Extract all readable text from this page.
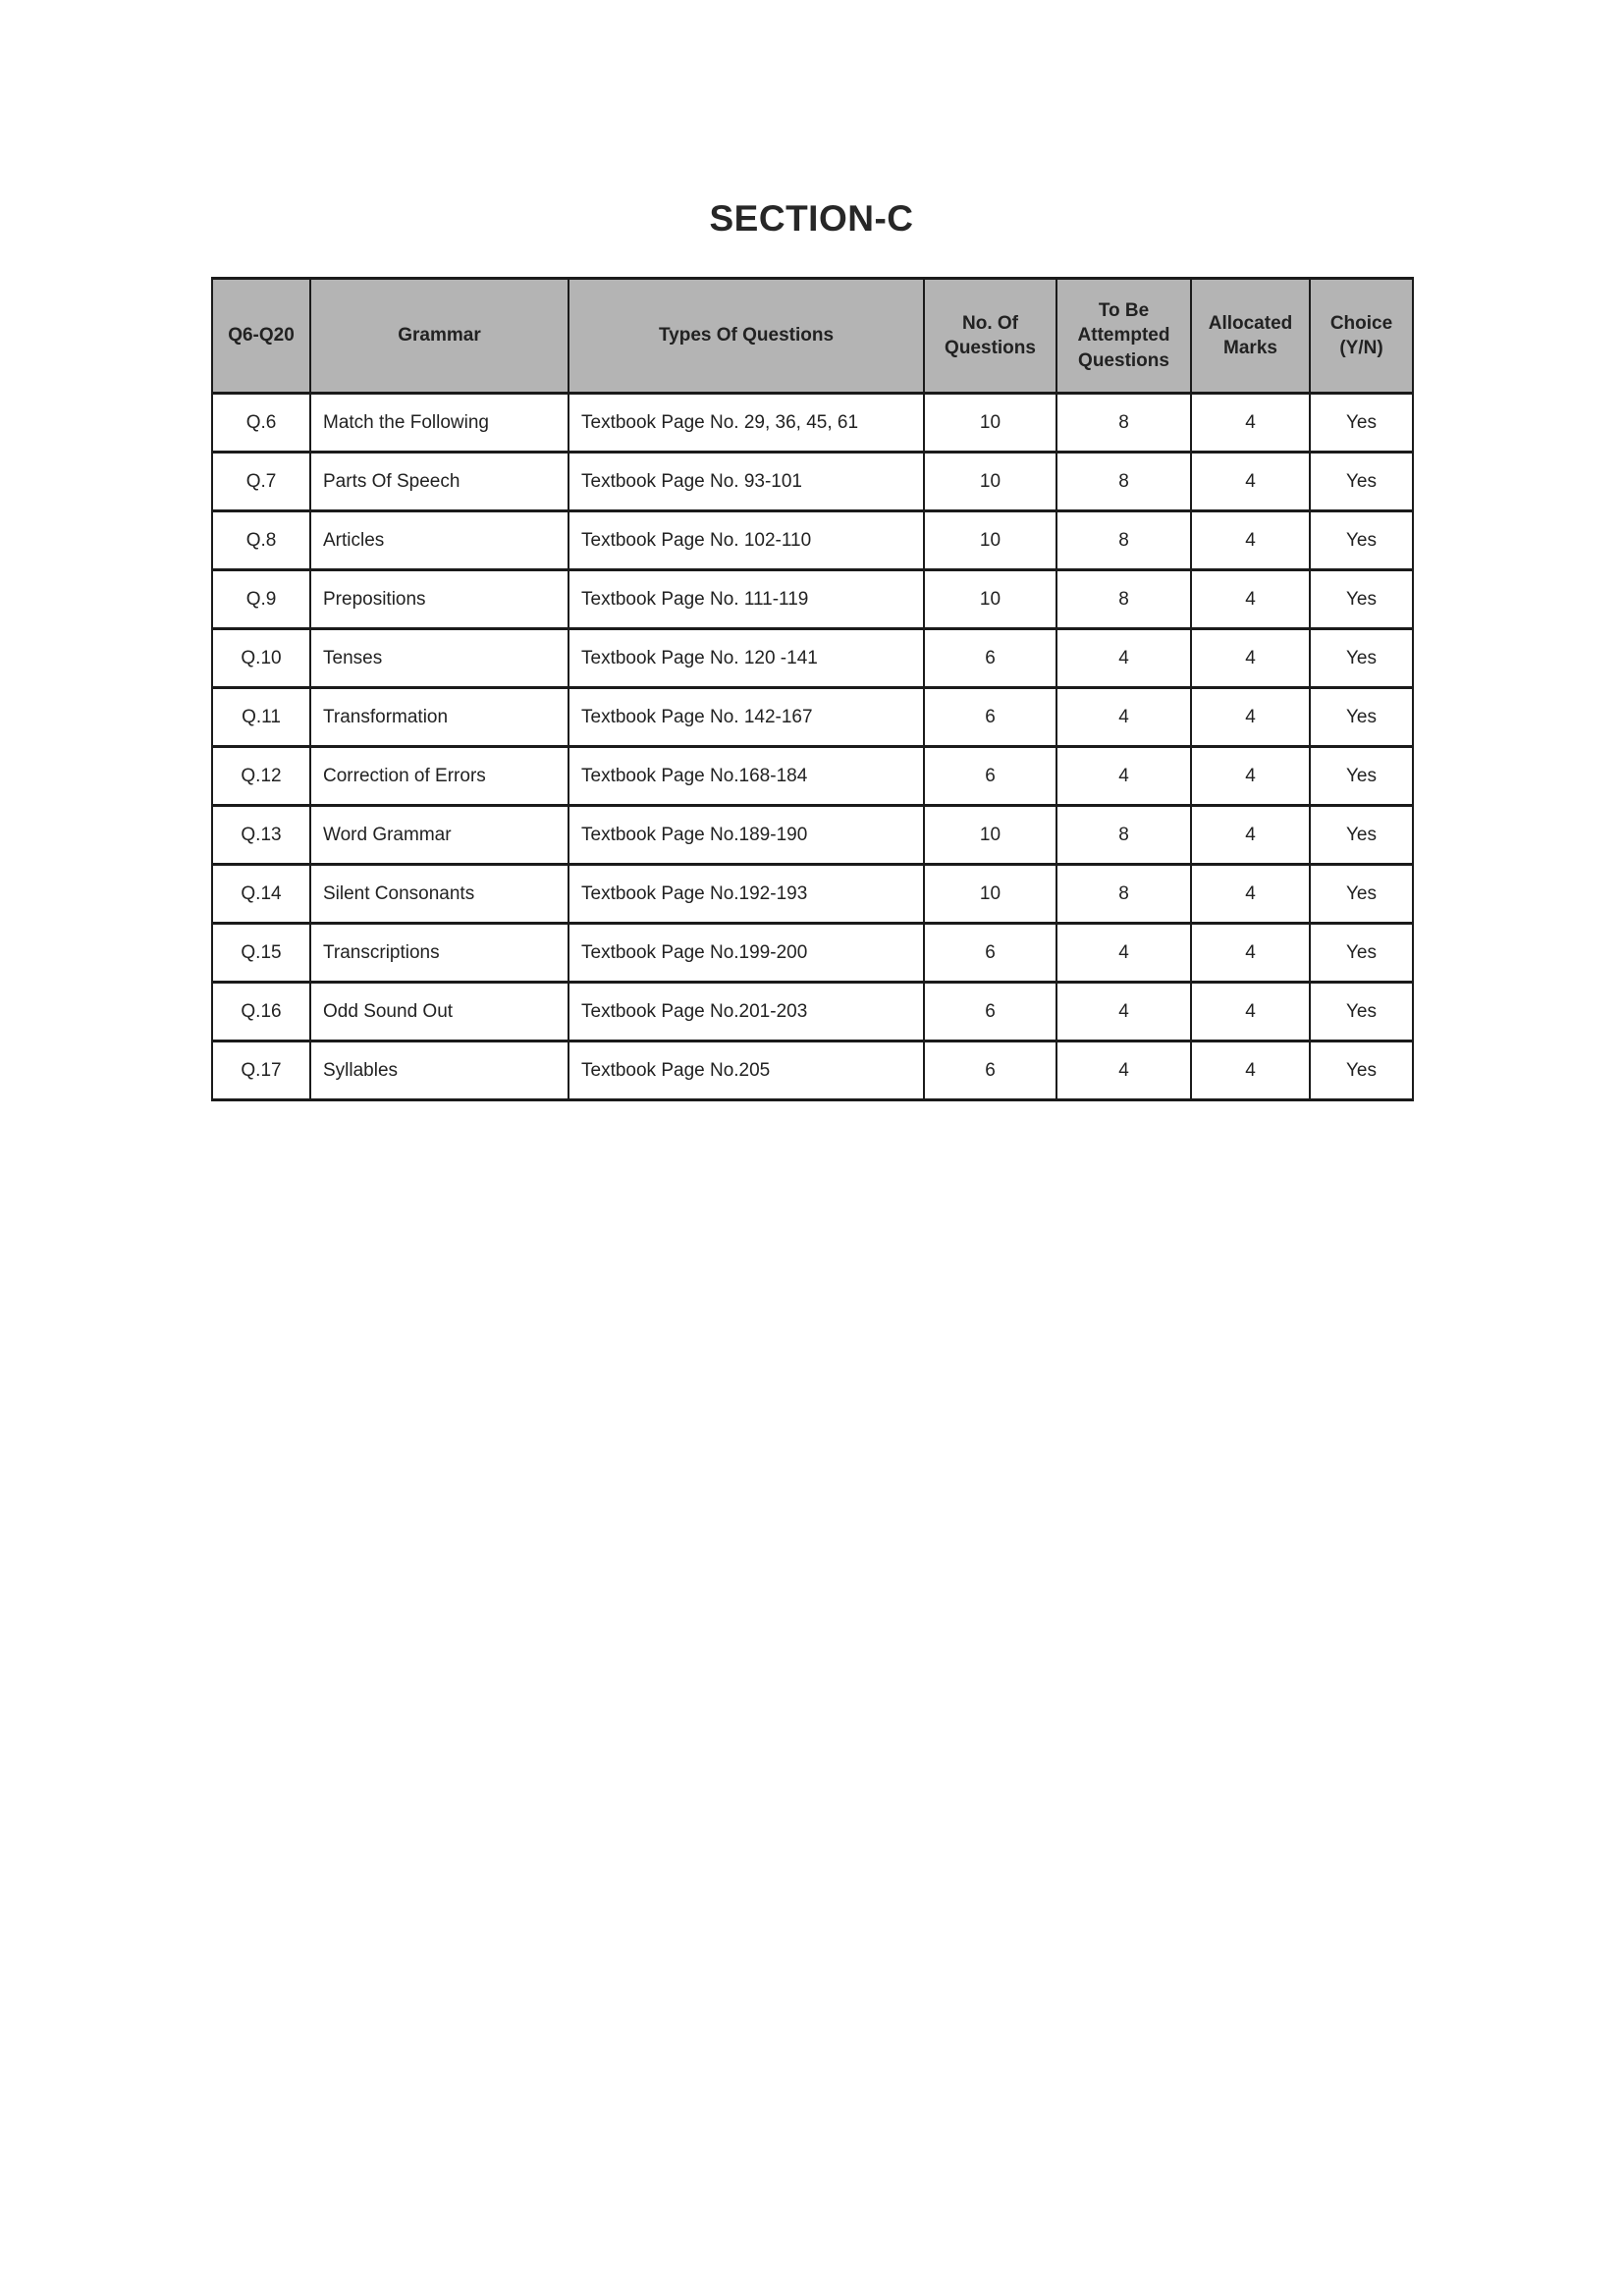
SECTION-C
Q6-Q20	Grammar	Types Of Questions	No. Of Questions	To Be Attempted Questions	Allocated Marks	Choice (Y/N)
Q.6	Match the Following	Textbook Page No. 29, 36, 45, 61	10	8	4	Yes
Q.7	Parts Of Speech	Textbook Page No. 93-101	10	8	4	Yes
Q.8	Articles	Textbook Page No. 102-110	10	8	4	Yes
Q.9	Prepositions	Textbook Page No. 111-119	10	8	4	Yes
Q.10	Tenses	Textbook Page No. 120 -141	6	4	4	Yes
Q.11	Transformation	Textbook Page No. 142-167	6	4	4	Yes
Q.12	Correction of Errors	Textbook Page No.168-184	6	4	4	Yes
Q.13	Word Grammar	Textbook Page No.189-190	10	8	4	Yes
Q.14	Silent Consonants	Textbook Page No.192-193	10	8	4	Yes
Q.15	Transcriptions	Textbook Page No.199-200	6	4	4	Yes
Q.16	Odd Sound Out	Textbook Page No.201-203	6	4	4	Yes
Q.17	Syllables	Textbook Page No.205	6	4	4	Yes
